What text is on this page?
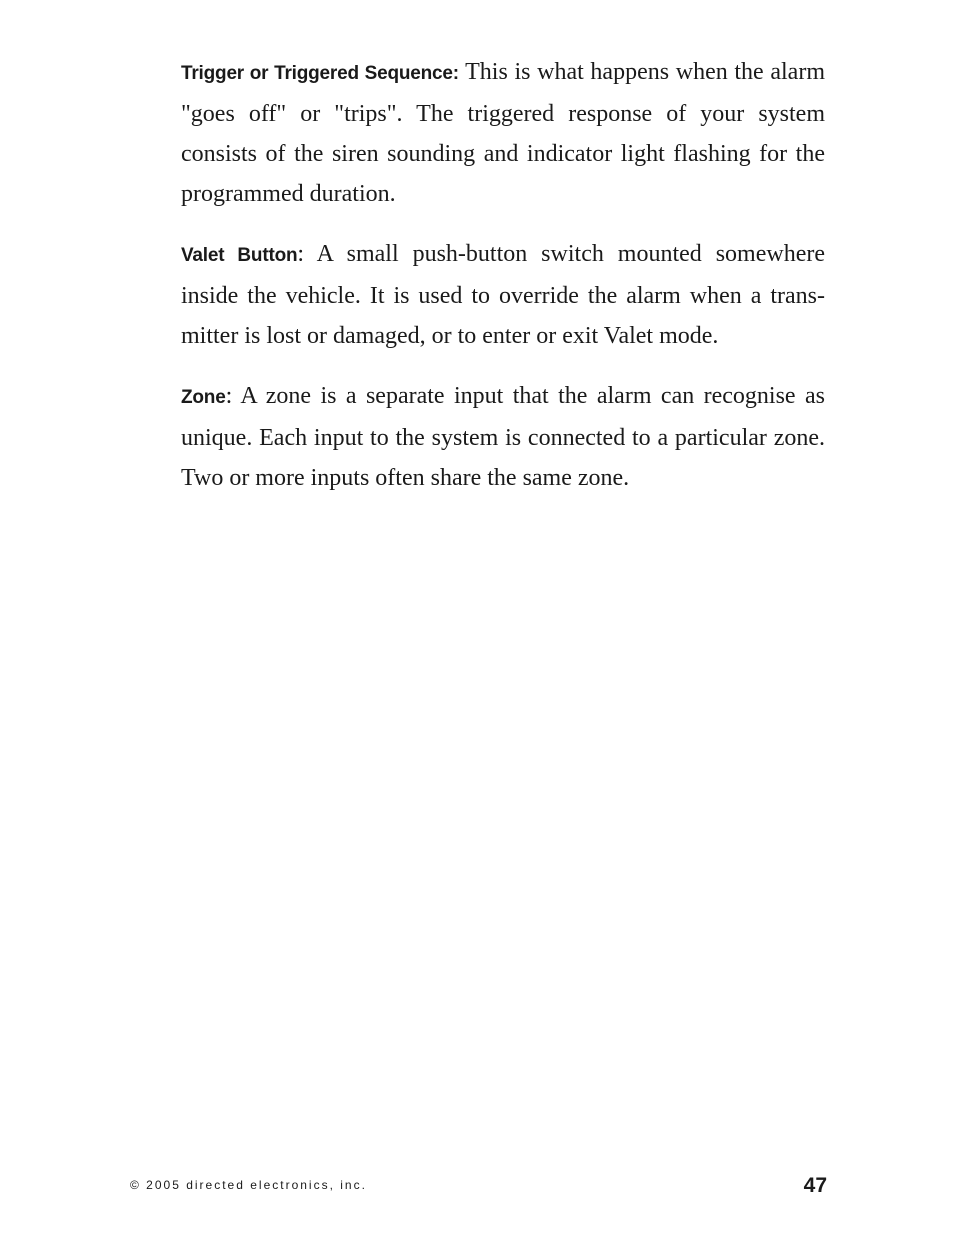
Trigger or Triggered Sequence: This is what happens when the alarm "goes off" or "trips". The triggered response of your system consists of the siren sounding and indicator light flashing for the programmed duration.

Valet Button: A small push-button switch mounted somewhere inside the vehicle. It is used to override the alarm when a trans-mitter is lost or damaged, or to enter or exit Valet mode.

Zone: A zone is a separate input that the alarm can recognise as unique. Each input to the system is connected to a particular zone. Two or more inputs often share the same zone.

© 2005 directed electronics, inc.	47
